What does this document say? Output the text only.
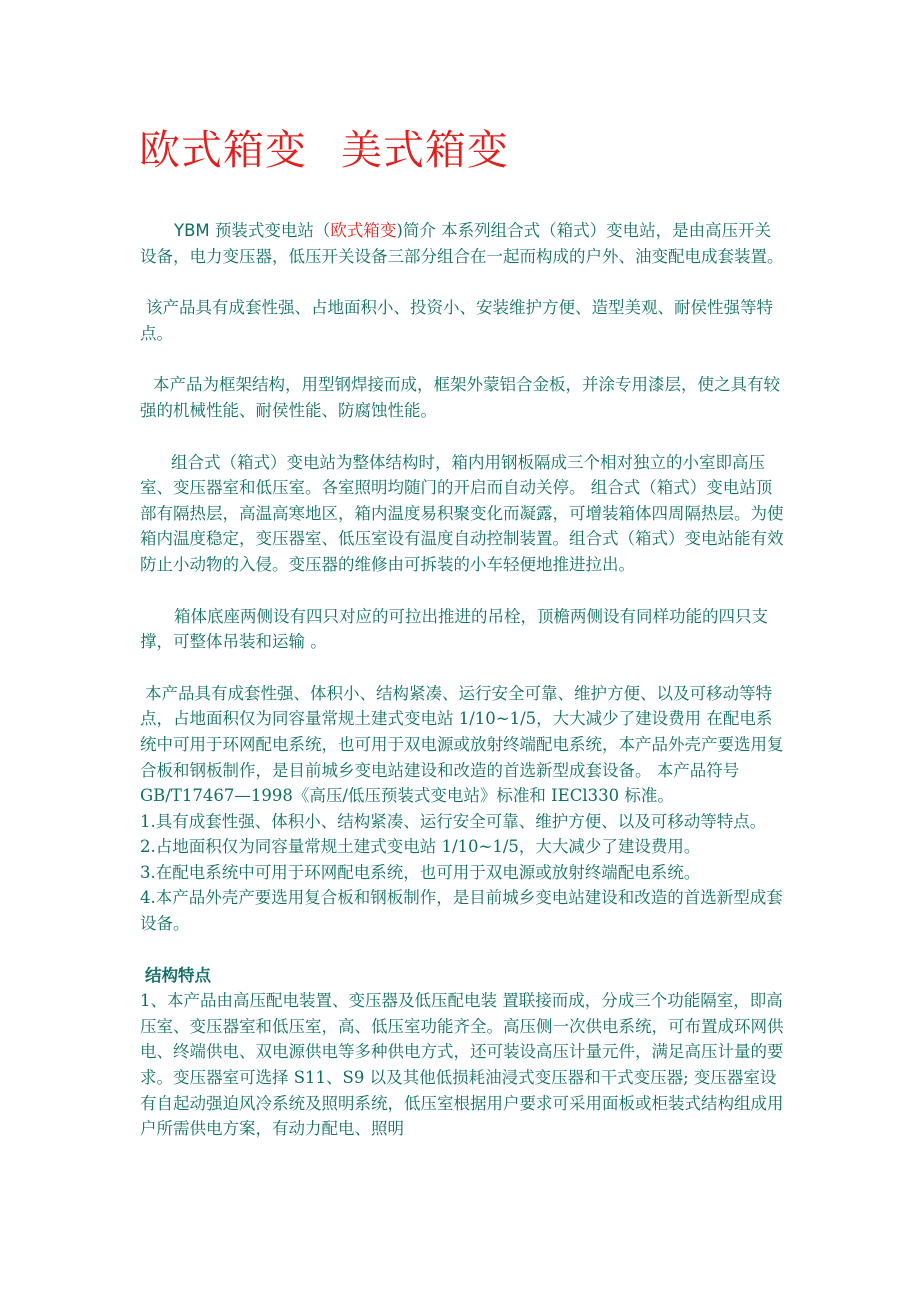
欧式箱变 美式箱变

YBM 预装式变电站（欧式箱变)简介 本系列组合式（箱式）变电站，是由高压开关设备，电力变压器，低压开关设备三部分组合在一起而构成的户外、油变配电成套装置。

该产品具有成套性强、占地面积小、投资小、安装维护方便、造型美观、耐侯性强等特点。

本产品为框架结构，用型钢焊接而成，框架外蒙铝合金板，并涂专用漆层，使之具有较强的机械性能、耐侯性能、防腐蚀性能。

组合式（箱式）变电站为整体结构时，箱内用钢板隔成三个相对独立的小室即高压室、变压器室和低压室。各室照明均随门的开启而自动关停。 组合式（箱式）变电站顶部有隔热层，高温高寒地区，箱内温度易积聚变化而凝露，可增装箱体四周隔热层。为使箱内温度稳定，变压器室、低压室设有温度自动控制装置。组合式（箱式）变电站能有效防止小动物的入侵。变压器的维修由可拆装的小车轻便地推进拉出。

箱体底座两侧设有四只对应的可拉出推进的吊栓，顶檐两侧设有同样功能的四只支撑，可整体吊装和运输 。

本产品具有成套性强、体积小、结构紧凑、运行安全可靠、维护方便、以及可移动等特点，占地面积仅为同容量常规土建式变电站 1/10~1/5，大大减少了建设费用 在配电系统中可用于环网配电系统，也可用于双电源或放射终端配电系统，本产品外壳产要选用复合板和钢板制作，是目前城乡变电站建设和改造的首选新型成套设备。 本产品符号 GB/T17467—1998《高压/低压预装式变电站》标准和 IECl330 标准。

1.具有成套性强、体积小、结构紧凑、运行安全可靠、维护方便、以及可移动等特点。

2.占地面积仅为同容量常规土建式变电站 1/10~1/5，大大减少了建设费用。

3.在配电系统中可用于环网配电系统，也可用于双电源或放射终端配电系统。

4.本产品外壳产要选用复合板和钢板制作，是目前城乡变电站建设和改造的首选新型成套设备。

结构特点

1、本产品由高压配电装置、变压器及低压配电装 置联接而成，分成三个功能隔室，即高压室、变压器室和低压室，高、低压室功能齐全。高压侧一次供电系统，可布置成环网供电、终端供电、双电源供电等多种供电方式，还可装设高压计量元件，满足高压计量的要求。变压器室可选择 S11、S9 以及其他低损耗油浸式变压器和干式变压器; 变压器室设有自起动强迫风冷系统及照明系统，低压室根据用户要求可采用面板或柜装式结构组成用户所需供电方案，有动力配电、照明
